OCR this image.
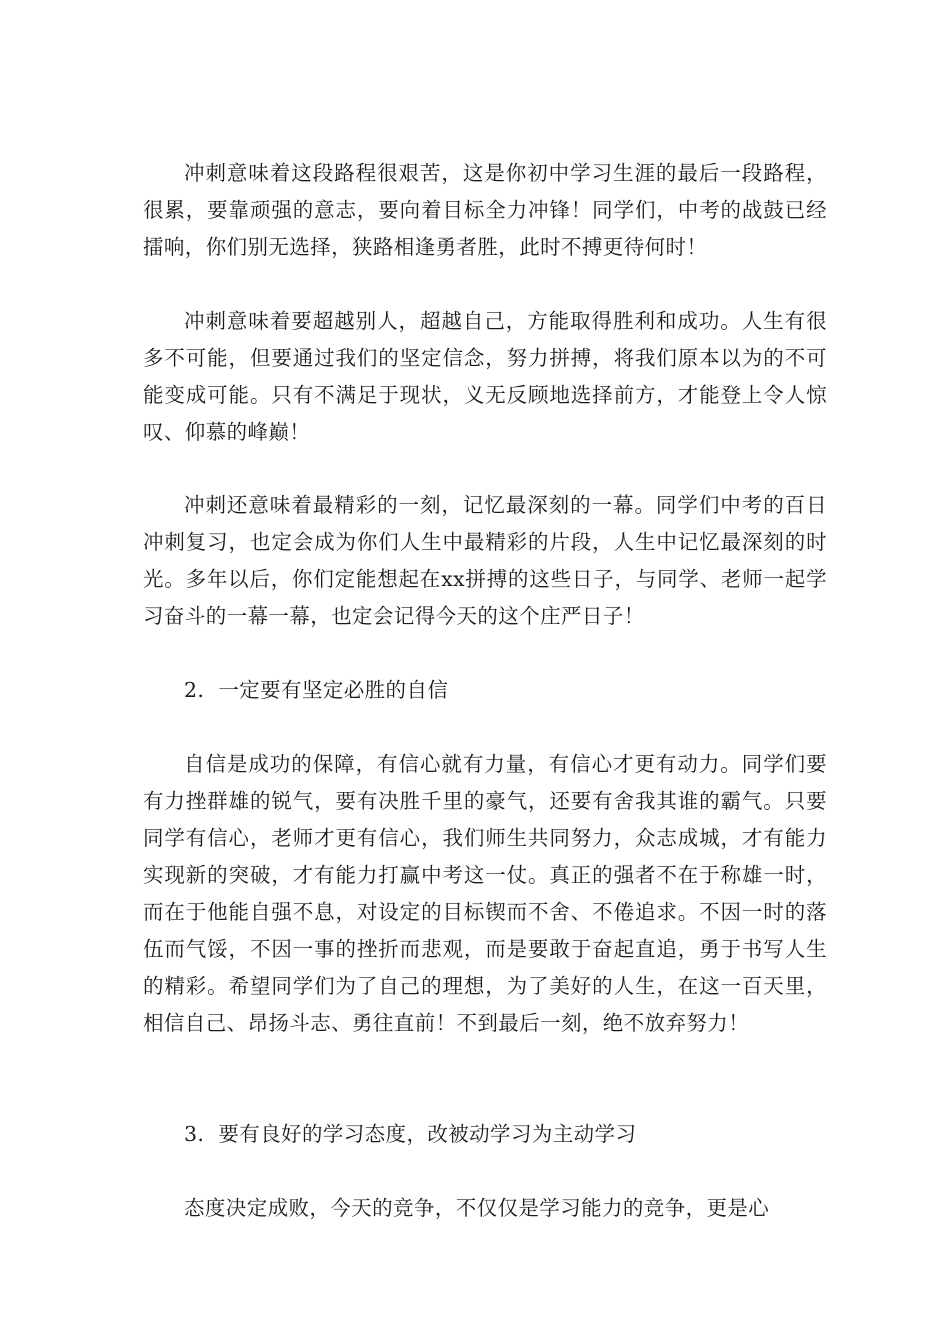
冲刺意味着这段路程很艰苦，这是你初中学习生涯的最后一段路程，很累，要靠顽强的意志，要向着目标全力冲锋！同学们，中考的战鼓已经擂响，你们别无选择，狭路相逢勇者胜，此时不搏更待何时！

冲刺意味着要超越别人，超越自己，方能取得胜利和成功。人生有很多不可能，但要通过我们的坚定信念，努力拼搏，将我们原本以为的不可能变成可能。只有不满足于现状，义无反顾地选择前方，才能登上令人惊叹、仰慕的峰巅！

冲刺还意味着最精彩的一刻，记忆最深刻的一幕。同学们中考的百日冲刺复习，也定会成为你们人生中最精彩的片段，人生中记忆最深刻的时光。多年以后，你们定能想起在xx拼搏的这些日子，与同学、老师一起学习奋斗的一幕一幕，也定会记得今天的这个庄严日子！

2．一定要有坚定必胜的自信

自信是成功的保障，有信心就有力量，有信心才更有动力。同学们要有力挫群雄的锐气，要有决胜千里的豪气，还要有舍我其谁的霸气。只要同学有信心，老师才更有信心，我们师生共同努力，众志成城，才有能力实现新的突破，才有能力打赢中考这一仗。真正的强者不在于称雄一时，而在于他能自强不息，对设定的目标锲而不舍、不倦追求。不因一时的落伍而气馁，不因一事的挫折而悲观，而是要敢于奋起直追，勇于书写人生的精彩。希望同学们为了自己的理想，为了美好的人生，在这一百天里，相信自己、昂扬斗志、勇往直前！不到最后一刻，绝不放弃努力！

3．要有良好的学习态度，改被动学习为主动学习

态度决定成败，今天的竞争，不仅仅是学习能力的竞争，更是心
